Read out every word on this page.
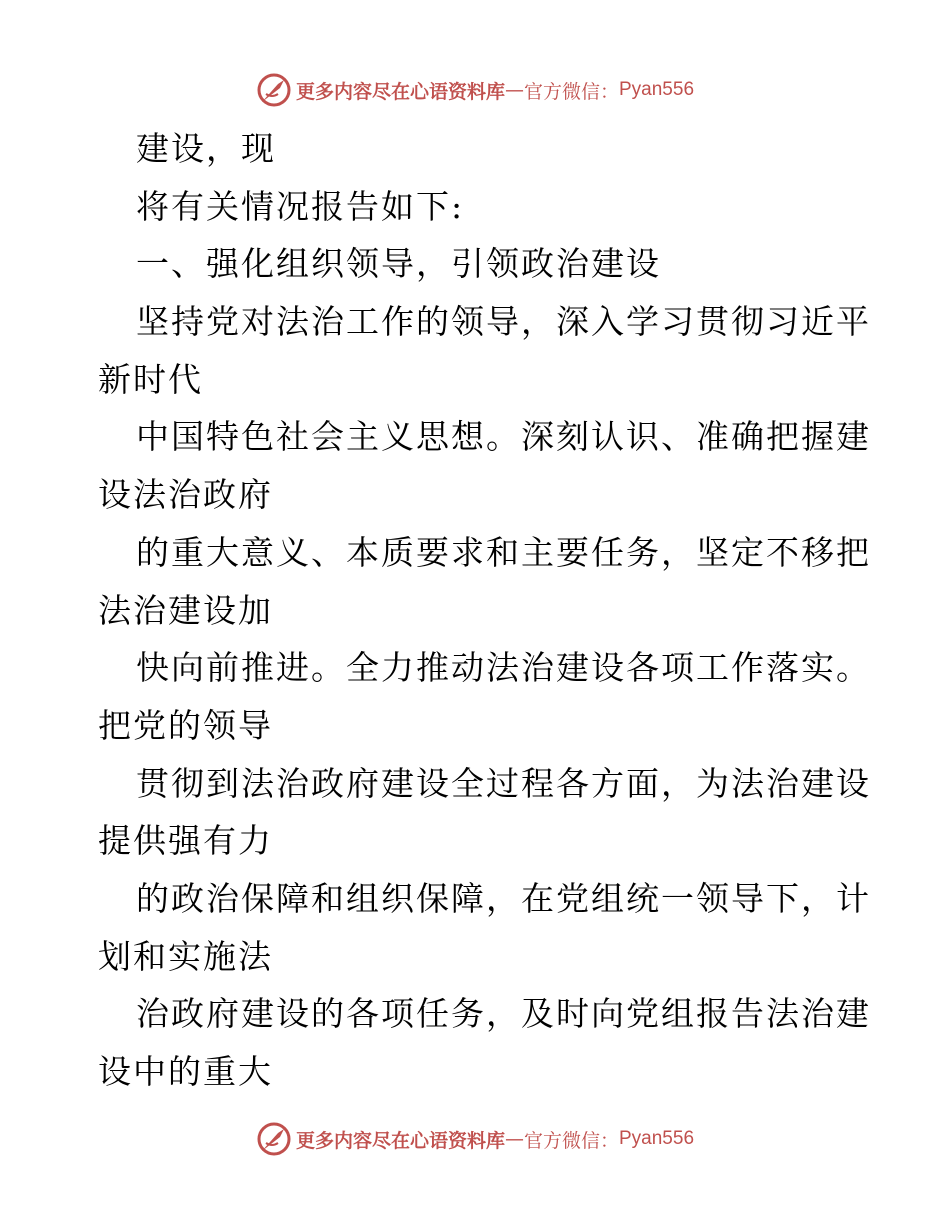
更多内容尽在心语资料库 — 官方微信： Pyan556
建设，现
将有关情况报告如下:
一、强化组织领导，引领政治建设
坚持党对法治工作的领导，深入学习贯彻习近平
新时代
中国特色社会主义思想。深刻认识、准确把握建
设法治政府
的重大意义、本质要求和主要任务，坚定不移把
法治建设加
快向前推进。全力推动法治建设各项工作落实。
把党的领导
贯彻到法治政府建设全过程各方面，为法治建设
提供强有力
的政治保障和组织保障，在党组统一领导下，计
划和实施法
治政府建设的各项任务，及时向党组报告法治建
设中的重大
更多内容尽在心语资料库 — 官方微信： Pyan556
